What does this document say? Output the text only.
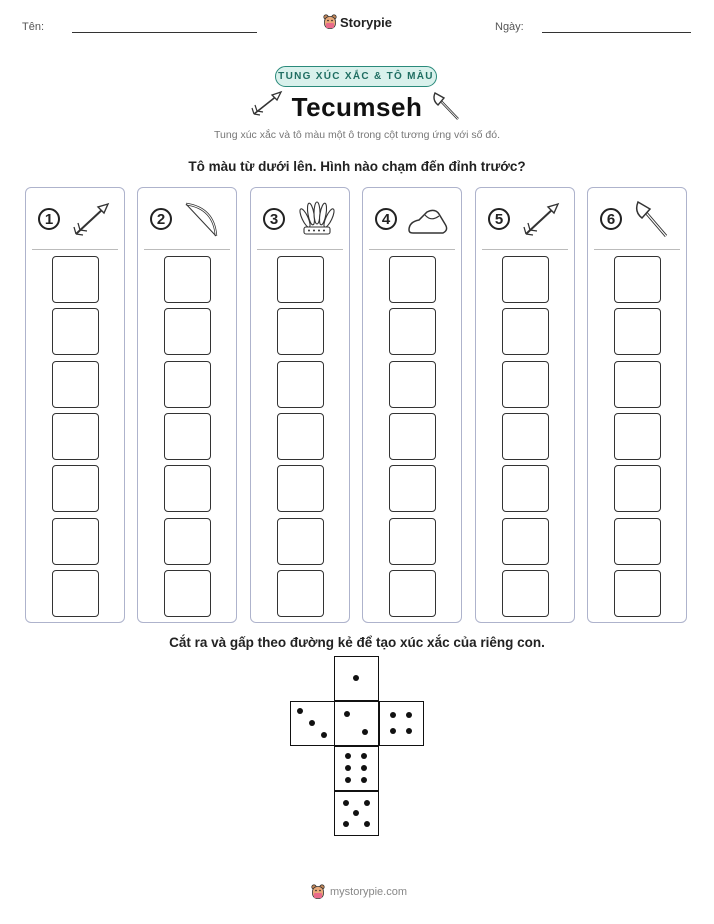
Tên:	Storypie	Ngày:
TUNG XÚC XẮC & TÔ MÀU
Tecumseh
Tung xúc xắc và tô màu một ô trong cột tương ứng với số đó.
Tô màu từ dưới lên. Hình nào chạm đến đỉnh trước?
1	2	3	4	5	6
Cắt ra và gấp theo đường kẻ để tạo xúc xắc của riêng con.
mystorypie.com
